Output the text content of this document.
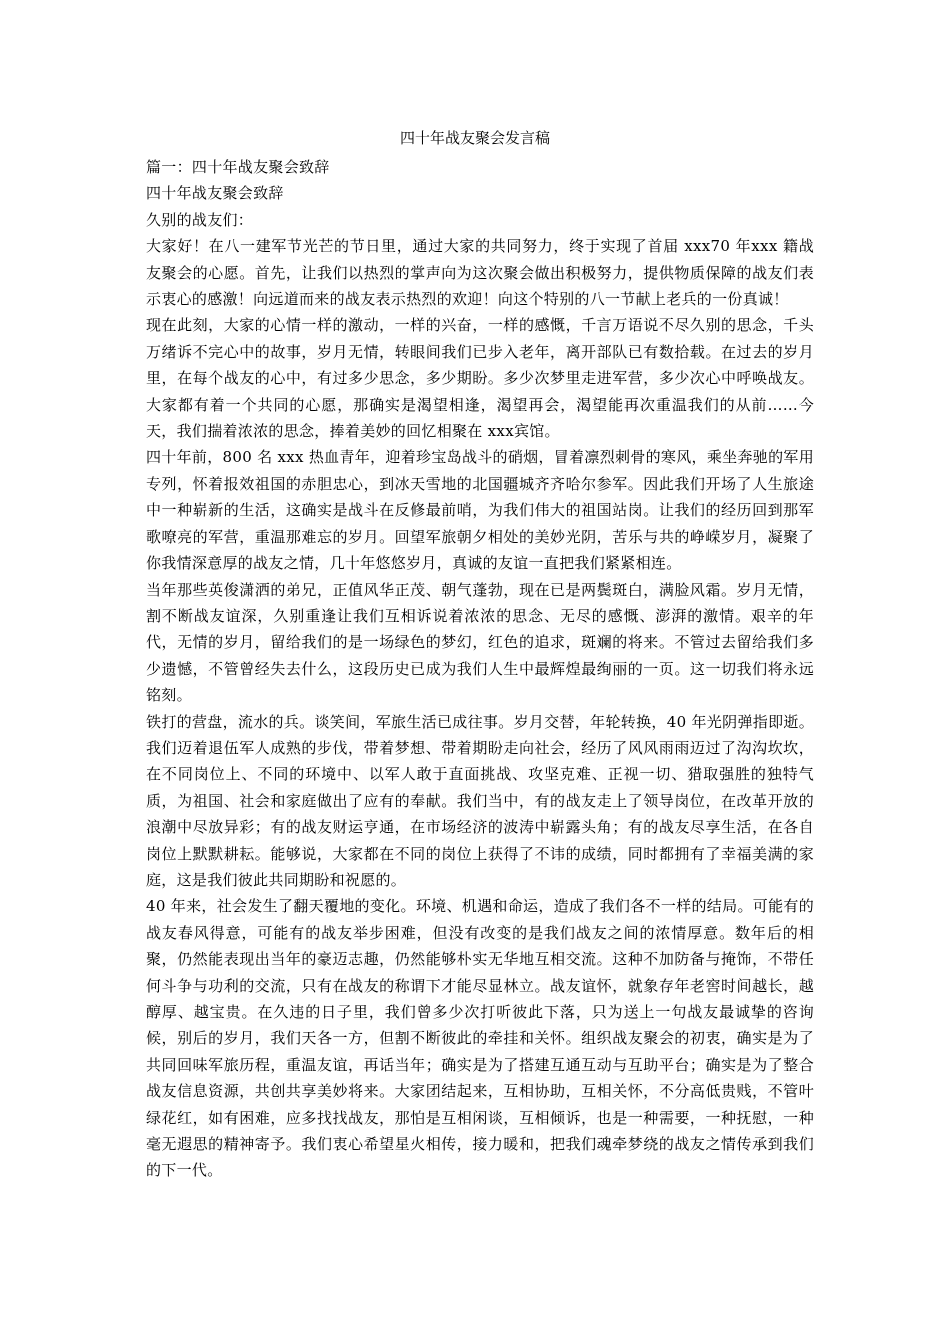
四十年战友聚会发言稿

篇一：四十年战友聚会致辞

四十年战友聚会致辞

久别的战友们：

大家好！在八一建军节光芒的节日里，通过大家的共同努力，终于实现了首届 xxx70 年xxx 籍战友聚会的心愿。首先，让我们以热烈的掌声向为这次聚会做出积极努力，提供物质保障的战友们表示衷心的感激！向远道而来的战友表示热烈的欢迎！向这个特别的八一节献上老兵的一份真诚！

现在此刻，大家的心情一样的激动，一样的兴奋，一样的感慨，千言万语说不尽久别的思念，千头万绪诉不完心中的故事，岁月无情，转眼间我们已步入老年，离开部队已有数拾载。在过去的岁月里，在每个战友的心中，有过多少思念，多少期盼。多少次梦里走进军营，多少次心中呼唤战友。大家都有着一个共同的心愿，那确实是渴望相逢，渴望再会，渴望能再次重温我们的从前……今天，我们揣着浓浓的思念，捧着美妙的回忆相聚在 xxx宾馆。

四十年前，800 名 xxx 热血青年，迎着珍宝岛战斗的硝烟，冒着凛烈刺骨的寒风，乘坐奔驰的军用专列，怀着报效祖国的赤胆忠心，到冰天雪地的北国疆城齐齐哈尔参军。因此我们开场了人生旅途中一种崭新的生活，这确实是战斗在反修最前哨，为我们伟大的祖国站岗。让我们的经历回到那军歌嘹亮的军营，重温那难忘的岁月。回望军旅朝夕相处的美妙光阴，苦乐与共的峥嵘岁月，凝聚了你我情深意厚的战友之情，几十年悠悠岁月，真诚的友谊一直把我们紧紧相连。

当年那些英俊潇洒的弟兄，正值风华正茂、朝气蓬勃，现在已是两鬓斑白，满脸风霜。岁月无情，割不断战友谊深，久别重逢让我们互相诉说着浓浓的思念、无尽的感慨、澎湃的激情。艰辛的年代，无情的岁月，留给我们的是一场绿色的梦幻，红色的追求，斑斓的将来。不管过去留给我们多少遗憾，不管曾经失去什么，这段历史已成为我们人生中最辉煌最绚丽的一页。这一切我们将永远铭刻。

铁打的营盘，流水的兵。谈笑间，军旅生活已成往事。岁月交替，年轮转换，40 年光阴弹指即逝。我们迈着退伍军人成熟的步伐，带着梦想、带着期盼走向社会，经历了风风雨雨迈过了沟沟坎坎，在不同岗位上、不同的环境中、以军人敢于直面挑战、攻坚克难、正视一切、猎取强胜的独特气质，为祖国、社会和家庭做出了应有的奉献。我们当中，有的战友走上了领导岗位，在改革开放的浪潮中尽放异彩；有的战友财运亨通，在市场经济的波涛中崭露头角；有的战友尽享生活，在各自岗位上默默耕耘。能够说，大家都在不同的岗位上获得了不讳的成绩，同时都拥有了幸福美满的家庭，这是我们彼此共同期盼和祝愿的。

40 年来，社会发生了翻天覆地的变化。环境、机遇和命运，造成了我们各不一样的结局。可能有的战友春风得意，可能有的战友举步困难，但没有改变的是我们战友之间的浓情厚意。数年后的相聚，仍然能表现出当年的豪迈志趣，仍然能够朴实无华地互相交流。这种不加防备与掩饰，不带任何斗争与功利的交流，只有在战友的称谓下才能尽显林立。战友谊怀，就象存年老窖时间越长，越醇厚、越宝贵。在久违的日子里，我们曾多少次打听彼此下落，只为送上一句战友最诚挚的咨询候，别后的岁月，我们天各一方，但割不断彼此的牵挂和关怀。组织战友聚会的初衷，确实是为了共同回味军旅历程，重温友谊，再话当年；确实是为了搭建互通互动与互助平台；确实是为了整合战友信息资源，共创共享美妙将来。大家团结起来，互相协助，互相关怀，不分高低贵贱，不管叶绿花红，如有困难，应多找找战友，那怕是互相闲谈，互相倾诉，也是一种需要，一种抚慰，一种毫无遐思的精神寄予。我们衷心希望星火相传，接力暖和，把我们魂牵梦绕的战友之情传承到我们的下一代。
